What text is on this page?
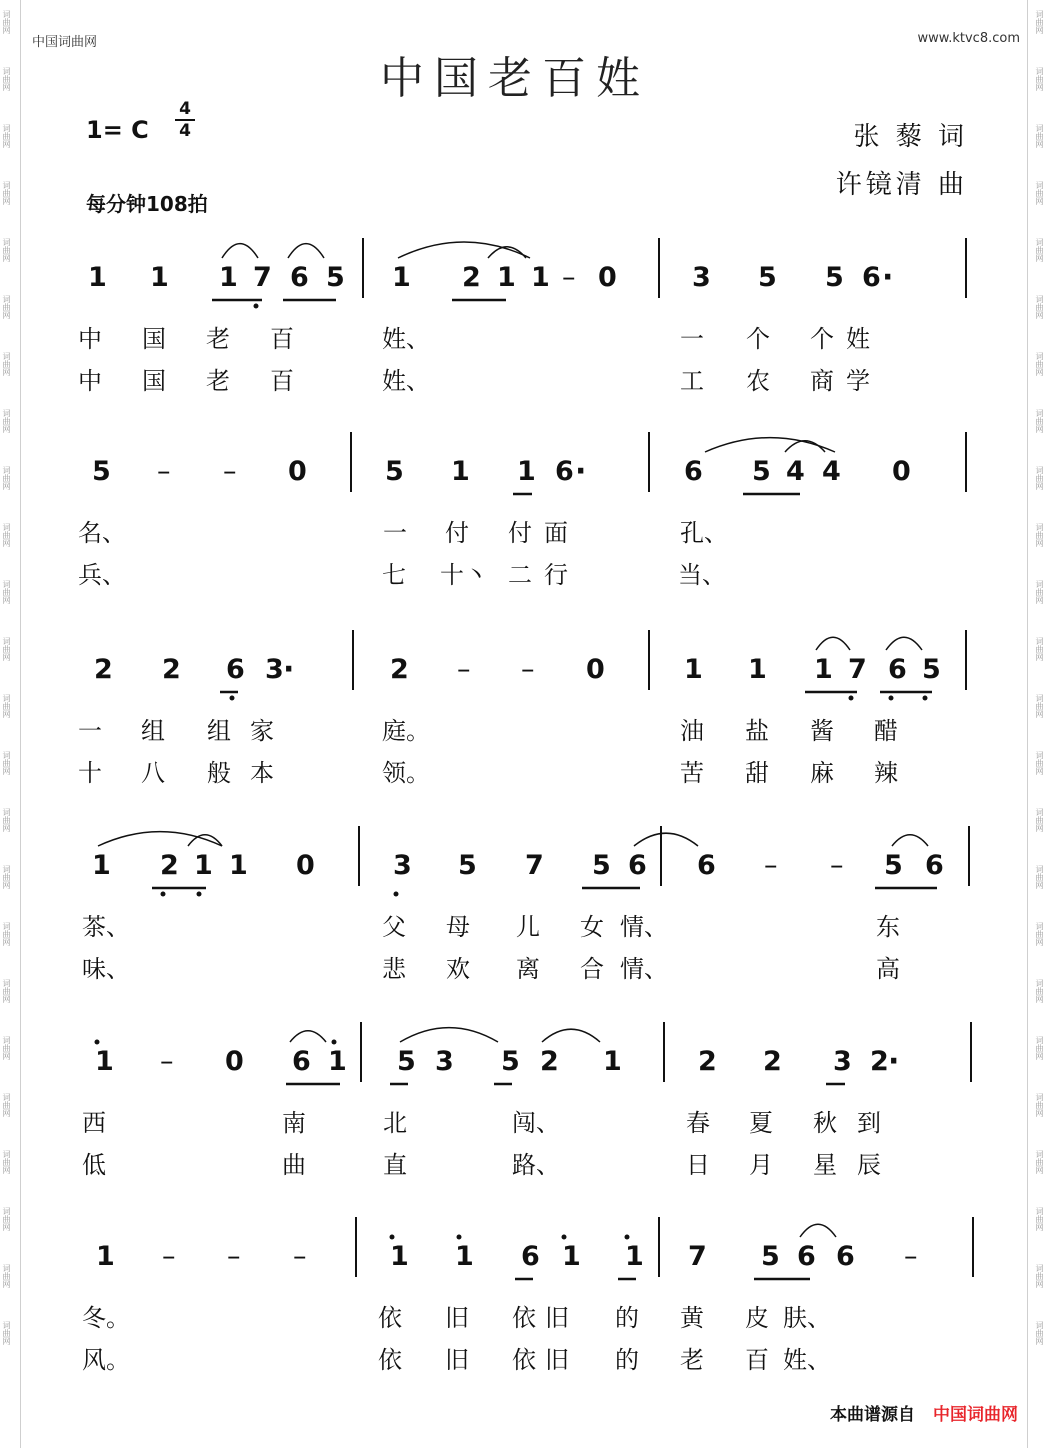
词曲网
词曲网
词曲网
词曲网
词曲网
词曲网
词曲网
词曲网
词曲网
词曲网
词曲网
词曲网
词曲网
词曲网
词曲网
词曲网
词曲网
词曲网
词曲网
词曲网
词曲网
词曲网
词曲网
词曲网
词曲网
词曲网
词曲网
词曲网
词曲网
词曲网
词曲网
词曲网
词曲网
词曲网
词曲网
词曲网
词曲网
词曲网
词曲网
词曲网
词曲网
词曲网
词曲网
词曲网
词曲网
词曲网
词曲网
词曲网
中国词曲网	www.ktvc8.com
中国老百姓
1= C
4
4
每分钟108拍
张 藜 词
许镜清 曲
1 1 1 7 6 5 1 2 1 1 – 0	3 5 5 6 ·
5 – – 0	5 1 1 6 ·	6 5 4 4 0
2 2 6 3 ·	2 – – 0	1 1 1 7 6 5
1 2 1 1 0	3 5 7 5 6 6 – – 5 6
1 – 0 6 1 5 3 5 2 1	2 2 3 2 ·
1 – – –	1 1 6 1 1 7 5 6 6 –
中 国 老 百	姓、	一 个 个 姓
中 国 老 百	姓、	工 农 商 学
名、	一 付 付 面	孔、
兵、	七 十丶 二 行	当、
一 组 组 家	庭。	油 盐 酱 醋
十 八 般 本	领。	苦 甜 麻 辣
茶、	父 母 儿 女 情、	东
味、	悲 欢 离 合 情、	高
西	南	北	闯、	春 夏 秋 到
低	曲	直	路、	日 月 星 辰
冬。	依 旧 依 旧 的 黄 皮 肤、
风。	依 旧 依 旧 的 老 百 姓、
本曲谱源自 中国词曲网
